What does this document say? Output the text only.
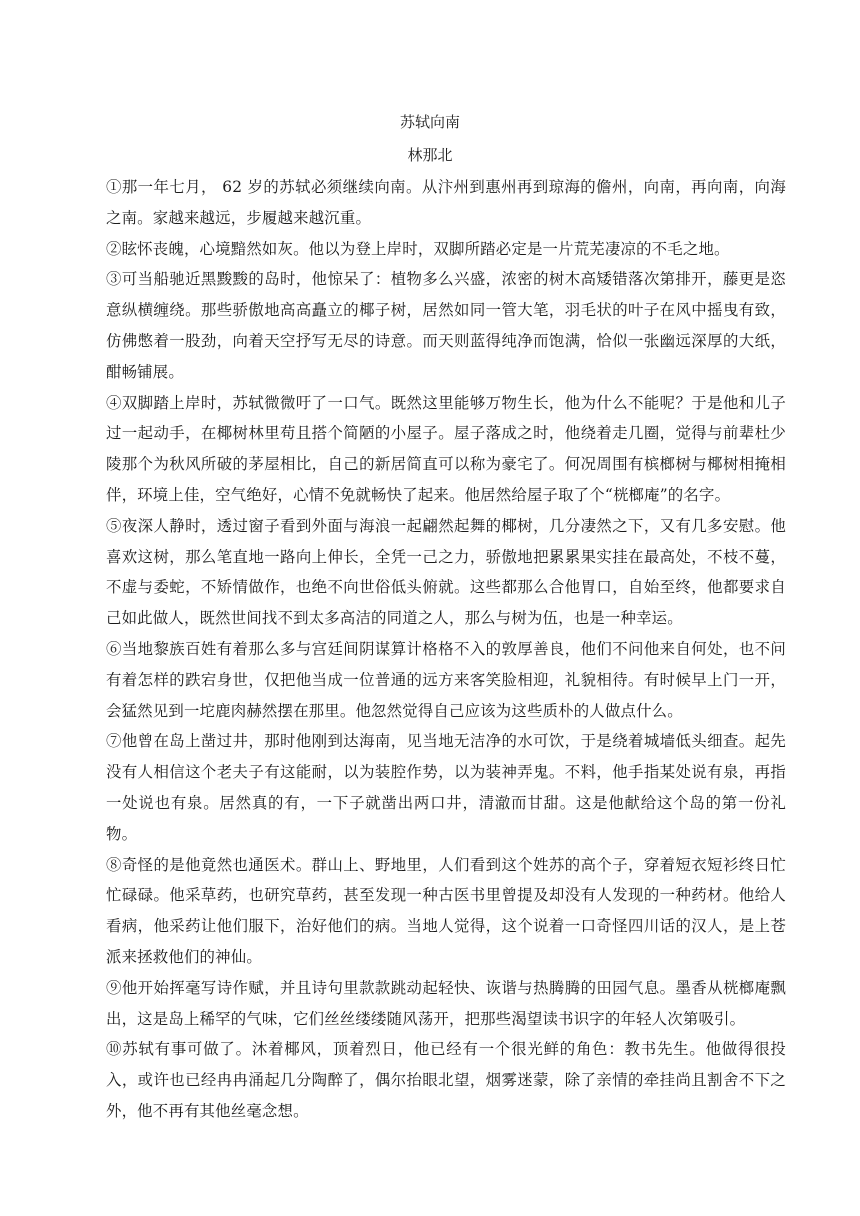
苏轼向南
林那北

①那一年七月， 62 岁的苏轼必须继续向南。从汴州到惠州再到琼海的儋州，向南，再向南，向海之南。家越来越远，步履越来越沉重。

②眩怀丧魄，心境黯然如灰。他以为登上岸时，双脚所踏必定是一片荒芜凄凉的不毛之地。

③可当船驰近黑黢黢的岛时，他惊呆了：植物多么兴盛，浓密的树木高矮错落次第排开，藤更是恣意纵横缠绕。那些骄傲地高高矗立的椰子树，居然如同一管大笔，羽毛状的叶子在风中摇曳有致，仿佛憋着一股劲，向着天空抒写无尽的诗意。而天则蓝得纯净而饱满，恰似一张幽远深厚的大纸，酣畅铺展。

④双脚踏上岸时，苏轼微微吁了一口气。既然这里能够万物生长，他为什么不能呢？于是他和儿子过一起动手，在椰树林里苟且搭个简陋的小屋子。屋子落成之时，他绕着走几圈，觉得与前辈杜少陵那个为秋风所破的茅屋相比，自己的新居简直可以称为豪宅了。何况周围有槟榔树与椰树相掩相伴，环境上佳，空气绝好，心情不免就畅快了起来。他居然给屋子取了个“桄榔庵”的名字。

⑤夜深人静时，透过窗子看到外面与海浪一起翩然起舞的椰树，几分凄然之下，又有几多安慰。他喜欢这树，那么笔直地一路向上伸长，全凭一己之力，骄傲地把累累果实挂在最高处，不枝不蔓，不虚与委蛇，不矫情做作，也绝不向世俗低头俯就。这些都那么合他胃口，自始至终，他都要求自己如此做人，既然世间找不到太多高洁的同道之人，那么与树为伍，也是一种幸运。

⑥当地黎族百姓有着那么多与宫廷间阴谋算计格格不入的敦厚善良，他们不问他来自何处，也不问有着怎样的跌宕身世，仅把他当成一位普通的远方来客笑脸相迎，礼貌相待。有时候早上门一开，会猛然见到一坨鹿肉赫然摆在那里。他忽然觉得自己应该为这些质朴的人做点什么。

⑦他曾在岛上凿过井，那时他刚到达海南，见当地无洁净的水可饮，于是绕着城墙低头细查。起先没有人相信这个老夫子有这能耐，以为装腔作势，以为装神弄鬼。不料，他手指某处说有泉，再指一处说也有泉。居然真的有，一下子就凿出两口井，清澈而甘甜。这是他献给这个岛的第一份礼物。

⑧奇怪的是他竟然也通医术。群山上、野地里，人们看到这个姓苏的高个子，穿着短衣短衫终日忙忙碌碌。他采草药，也研究草药，甚至发现一种古医书里曾提及却没有人发现的一种药材。他给人看病，他采药让他们服下，治好他们的病。当地人觉得，这个说着一口奇怪四川话的汉人，是上苍派来拯救他们的神仙。

⑨他开始挥毫写诗作赋，并且诗句里款款跳动起轻快、诙谐与热腾腾的田园气息。墨香从桄榔庵飘出，这是岛上稀罕的气味，它们丝丝缕缕随风荡开，把那些渴望读书识字的年轻人次第吸引。

⑩苏轼有事可做了。沐着椰风，顶着烈日，他已经有一个很光鲜的角色：教书先生。他做得很投入，或许也已经冉冉涌起几分陶醉了，偶尔抬眼北望，烟雾迷蒙，除了亲情的牵挂尚且割舍不下之外，他不再有其他丝毫念想。
